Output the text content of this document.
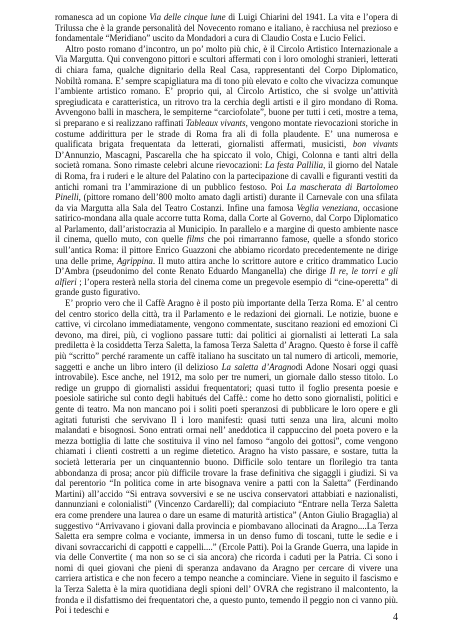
romanesca ad un copione Via delle cinque lune di Luigi Chiarini del 1941. La vita e l’opera di Trilussa che è la grande personalità del Novecento romano e italiano, è racchiusa nel prezioso e fondamentale “Meridiano” uscito da Mondadori a cura di Claudio Costa e Lucio Felici.

Altro posto romano d’incontro, un po’ molto più chic, è il Circolo Artistico Internazionale a Via Margutta. Qui convengono pittori e scultori affermati con i loro omologhi stranieri, letterati di chiara fama, qualche dignitario della Real Casa, rappresentanti del Corpo Diplomatico, Nobiltà romana. E’ sempre scapigliatura ma di tono più elevato e colto che vivacizza comunque l’ambiente artistico romano. E’ proprio qui, al Circolo Artistico, che si svolge un’attività spregiudicata e caratteristica, un ritrovo tra la cerchia degli artisti e il giro mondano di Roma. Avvengono balli in maschera, le sempiterne “carciofolate”, buone per tutti i ceti, mostre a tema, si preparano e si realizzano raffinati Tableaux vivants, vengono montate rievocazioni storiche in costume addirittura per le strade di Roma fra ali di folla plaudente. E’ una numerosa e qualificata brigata frequentata da letterati, giornalisti affermati, musicisti, bon vivants D’Annunzio, Mascagni, Pascarella che ha spiccato il volo, Chigi, Colonna e tanti altri della società romana. Sono rimaste celebri alcune rievocazioni: La festa Pallilia, il giorno del Natale di Roma, fra i ruderi e le alture del Palatino con la partecipazione di cavalli e figuranti vestiti da antichi romani tra l’ammirazione di un pubblico festoso. Poi La mascherata di Bartolomeo Pinelli, (pittore romano dell’800 molto amato dagli artisti) durante il Carnevale con una sfilata da via Margutta alla Sala del Teatro Costanzi. Infine una famosa Veglia veneziana, occasione satirico-mondana alla quale accorre tutta Roma, dalla Corte al Governo, dal Corpo Diplomatico al Parlamento, dall’aristocrazia al Municipio. In parallelo e a margine di questo ambiente nasce il cinema, quello muto, con quelle films che poi rimarranno famose, quelle a sfondo storico sull’antica Roma: il pittore Enrico Guazzoni che abbiamo ricordato precedentemente ne dirige una delle prime, Agrippina. Il muto attira anche lo scrittore autore e critico drammatico Lucio D’Ambra (pseudonimo del conte Renato Eduardo Manganella) che dirige Il re, le torri e gli alfieri ; l’opera resterà nella storia del cinema come un pregevole esempio di “cine-operetta” di grande gusto figurativo.

E’ proprio vero che il Caffè Aragno è il posto più importante della Terza Roma. E’ al centro del centro storico della città, tra il Parlamento e le redazioni dei giornali. Le notizie, buone e cattive, vi circolano immediatamente, vengono commentate, suscitano reazioni ed emozioni Ci devono, ma direi, più, ci vogliono passare tutti: dai politici ai giornalisti ai letterati La sala prediletta è la cosiddetta Terza Saletta, la famosa Terza Saletta d’ Aragno. Questo è forse il caffè più “scritto” perché raramente un caffè italiano ha suscitato un tal numero di articoli, memorie, saggetti e anche un libro intero (il delizioso La saletta d’Aragnodi Adone Nosari oggi quasi introvabile). Esce anche, nel 1912, ma solo per tre numeri, un giornale dallo stesso titolo. Lo redige un gruppo di giornalisti assidui frequentatori; quasi tutto il foglio presenta poesie e poesiole satiriche sul conto degli habitués del Caffè.: come ho detto sono giornalisti, politici e gente di teatro. Ma non mancano poi i soliti poeti speranzosi di pubblicare le loro opere e gli agitati futuristi che servivano Il i loro manifesti: quasi tutti senza una lira, alcuni molto malandati e bisognosi. Sono entrati ormai nell’ aneddotica il cappuccino del poeta povero e la mezza bottiglia di latte che sostituiva il vino nel famoso “angolo dei gottosi”, come vengono chiamati i clienti costretti a un regime dietetico. Aragno ha visto passare, e sostare, tutta la società letteraria per un cinquantennio buono. Difficile solo tentare un florilegio tra tanta abbondanza di prosa; ancor più difficile trovare la frase definitiva che sigaggli i giudizi. Si va dal perentorio “In politica come in arte bisognava venire a patti con la Saletta” (Ferdinando Martini) all’accido “Si entrava sovversivi e se ne usciva conservatori attabbiati e nazionalisti, dannunziani e colonialisti” (Vincenzo Cardarelli); dal compiaciuto “Entrare nella Terza Saletta era come prendere una laurea o dare un esame di maturità artistica” (Anton Giulio Bragaglia) al suggestivo “Arrivavano i giovani dalla provincia e piombavano allocinati da Aragno....La Terza Saletta era sempre colma e vociante, immersa in un denso fumo di toscani, tutte le sedie e i divani sovraccarichi di cappotti e cappelli....” (Ercole Patti). Poi la Grande Guerra, una lapide in via delle Convertite ( ma non so se ci sia ancora) che ricorda i caduti per la Patria. Ci sono i nomi di quei giovani che pieni di speranza andavano da Aragno per cercare di vivere una carriera artistica e che non fecero a tempo neanche a cominciare. Viene in seguito il fascismo e la Terza Saletta è la mira quotidiana degli spioni dell’ OVRA che registrano il malcontento, la fronda e il disfattismo dei frequentatori che, a questo punto, temendo il peggio non ci vanno più. Poi i tedeschi e

4
